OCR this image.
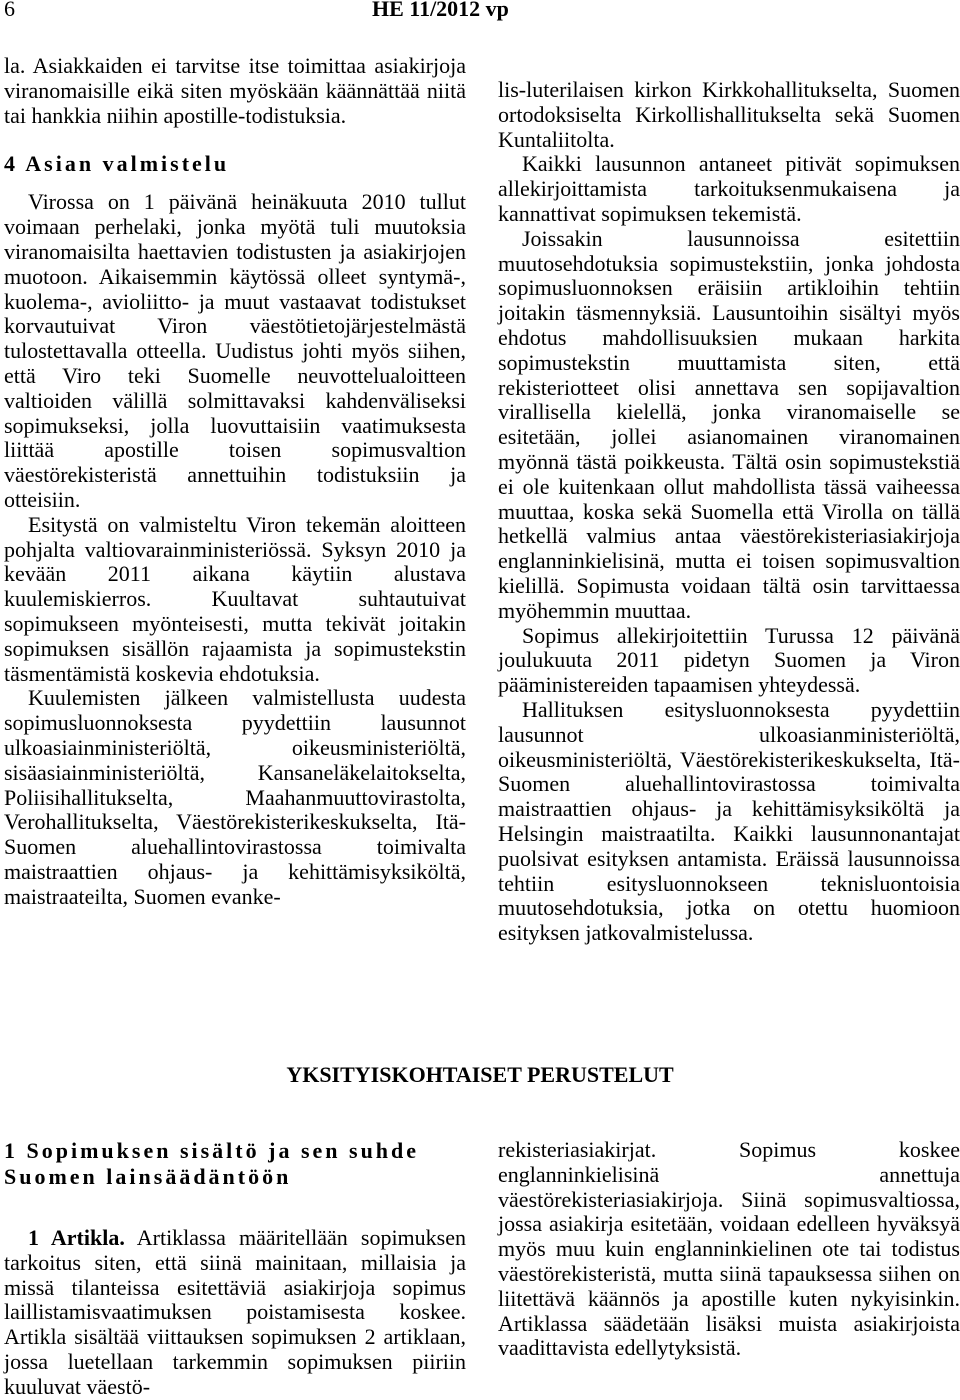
6	HE 11/2012 vp

la. Asiakkaiden ei tarvitse itse toimittaa asiakirjoja viranomaisille eikä siten myöskään käännättää niitä tai hankkia niihin apostille-todistuksia.

4 Asian valmistelu

Virossa on 1 päivänä heinäkuuta 2010 tullut voimaan perhelaki, jonka myötä tuli muutoksia viranomaisilta haettavien todistusten ja asiakirjojen muotoon. Aikaisemmin käytössä olleet syntymä-, kuolema-, avioliitto- ja muut vastaavat todistukset korvautuivat Viron väestötietojärjestelmästä tulostettavalla otteella. Uudistus johti myös siihen, että Viro teki Suomelle neuvottelualoitteen valtioiden välillä solmittavaksi kahdenväliseksi sopimukseksi, jolla luovuttaisiin vaatimuksesta liittää apostille toisen sopimusvaltion väestörekisteristä annettuihin todistuksiin ja otteisiin.

Esitystä on valmisteltu Viron tekemän aloitteen pohjalta valtiovarainministeriössä. Syksyn 2010 ja kevään 2011 aikana käytiin alustava kuulemiskierros. Kuultavat suhtautuivat sopimukseen myönteisesti, mutta tekivät joitakin sopimuksen sisällön rajaamista ja sopimustekstin täsmentämistä koskevia ehdotuksia.

Kuulemisten jälkeen valmistellusta uudesta sopimusluonnoksesta pyydettiin lausunnot ulkoasiainministeriöltä, oikeusministeriöltä, sisäasiainministeriöltä, Kansaneläkelaitokselta, Poliisihallitukselta, Maahanmuuttovirastolta, Verohallitukselta, Väestörekisterikeskukselta, Itä-Suomen aluehallintovirastossa toimivalta maistraattien ohjaus- ja kehittämisyksiköltä, maistraateilta, Suomen evanke-

lis-luterilaisen kirkon Kirkkohallitukselta, Suomen ortodoksiselta Kirkollishallitukselta sekä Suomen Kuntaliitolta.

Kaikki lausunnon antaneet pitivät sopimuksen allekirjoittamista tarkoituksenmukaisena ja kannattivat sopimuksen tekemistä.

Joissakin lausunnoissa esitettiin muutosehdotuksia sopimustekstiin, jonka johdosta sopimusluonnoksen eräisiin artikloihin tehtiin joitakin täsmennyksiä. Lausuntoihin sisältyi myös ehdotus mahdollisuuksien mukaan harkita sopimustekstin muuttamista siten, että rekisteriotteet olisi annettava sen sopijavaltion virallisella kielellä, jonka viranomaiselle se esitetään, jollei asianomainen viranomainen myönnä tästä poikkeusta. Tältä osin sopimustekstiä ei ole kuitenkaan ollut mahdollista tässä vaiheessa muuttaa, koska sekä Suomella että Virolla on tällä hetkellä valmius antaa väestörekisteriasiakirjoja englanninkielisinä, mutta ei toisen sopimusvaltion kielillä. Sopimusta voidaan tältä osin tarvittaessa myöhemmin muuttaa.

Sopimus allekirjoitettiin Turussa 12 päivänä joulukuuta 2011 pidetyn Suomen ja Viron pääministereiden tapaamisen yhteydessä.

Hallituksen esitysluonnoksesta pyydettiin lausunnot ulkoasianministeriöltä, oikeusministeriöltä, Väestörekisterikeskukselta, Itä-Suomen aluehallintovirastossa toimivalta maistraattien ohjaus- ja kehittämisyksiköltä ja Helsingin maistraatilta. Kaikki lausunnonantajat puolsivat esityksen antamista. Eräissä lausunnoissa tehtiin esitysluonnokseen teknisluontoisia muutosehdotuksia, jotka on otettu huomioon esityksen jatkovalmistelussa.

YKSITYISKOHTAISET PERUSTELUT
1 Sopimuksen sisältö ja sen suhde Suomen lainsäädäntöön

1 Artikla. Artiklassa määritellään sopimuksen tarkoitus siten, että siinä mainitaan, millaisia ja missä tilanteissa esitettäviä asiakirjoja sopimus laillistamisvaatimuksen poistamisesta koskee. Artikla sisältää viittauksen sopimuksen 2 artiklaan, jossa luetellaan tarkemmin sopimuksen piiriin kuuluvat väestö-

rekisteriasiakirjat. Sopimus koskee englanninkielisinä annettuja väestörekisteriasiakirjoja. Siinä sopimusvaltiossa, jossa asiakirja esitetään, voidaan edelleen hyväksyä myös muu kuin englanninkielinen ote tai todistus väestörekisteristä, mutta siinä tapauksessa siihen on liitettävä käännös ja apostille kuten nykyisinkin. Artiklassa säädetään lisäksi muista asiakirjoista vaadittavista edellytyksistä.
